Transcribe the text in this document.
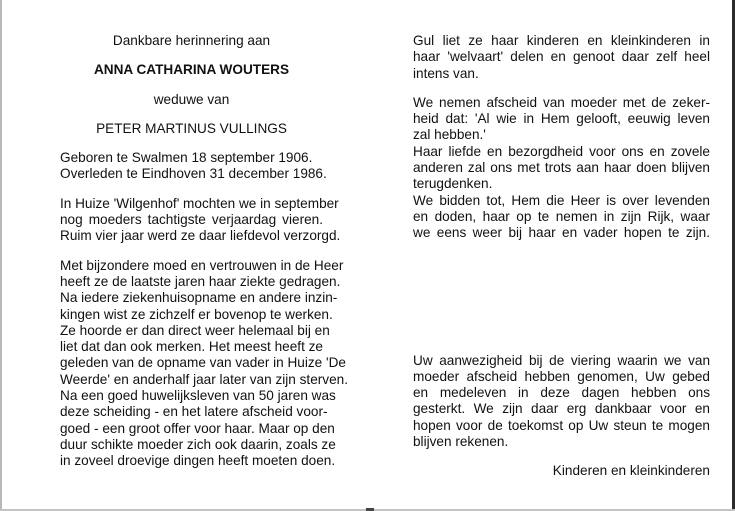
Dankbare herinnering aan
ANNA CATHARINA WOUTERS
weduwe van
PETER MARTINUS VULLINGS
Geboren te Swalmen 18 september 1906.
Overleden te Eindhoven 31 december 1986.
In Huize 'Wilgenhof' mochten we in september
nog moeders tachtigste verjaardag vieren.
Ruim vier jaar werd ze daar liefdevol verzorgd.
Met bijzondere moed en vertrouwen in de Heer
heeft ze de laatste jaren haar ziekte gedragen.
Na iedere ziekenhuisopname en andere inzin-
kingen wist ze zichzelf er bovenop te werken.
Ze hoorde er dan direct weer helemaal bij en
liet dat dan ook merken. Het meest heeft ze
geleden van de opname van vader in Huize 'De
Weerde' en anderhalf jaar later van zijn sterven.
Na een goed huwelijksleven van 50 jaren was
deze scheiding - en het latere afscheid voor-
goed - een groot offer voor haar. Maar op den
duur schikte moeder zich ook daarin, zoals ze
in zoveel droevige dingen heeft moeten doen.
Gul liet ze haar kinderen en kleinkinderen in
haar 'welvaart' delen en genoot daar zelf heel
intens van.
We nemen afscheid van moeder met de zeker-
heid dat: 'Al wie in Hem gelooft, eeuwig leven
zal hebben.'
Haar liefde en bezorgdheid voor ons en zovele
anderen zal ons met trots aan haar doen blijven
terugdenken.
We bidden tot, Hem die Heer is over levenden
en doden, haar op te nemen in zijn Rijk, waar
we eens weer bij haar en vader hopen te zijn.
Uw aanwezigheid bij de viering waarin we van
moeder afscheid hebben genomen, Uw gebed
en medeleven in deze dagen hebben ons
gesterkt. We zijn daar erg dankbaar voor en
hopen voor de toekomst op Uw steun te mogen
blijven rekenen.
Kinderen en kleinkinderen
